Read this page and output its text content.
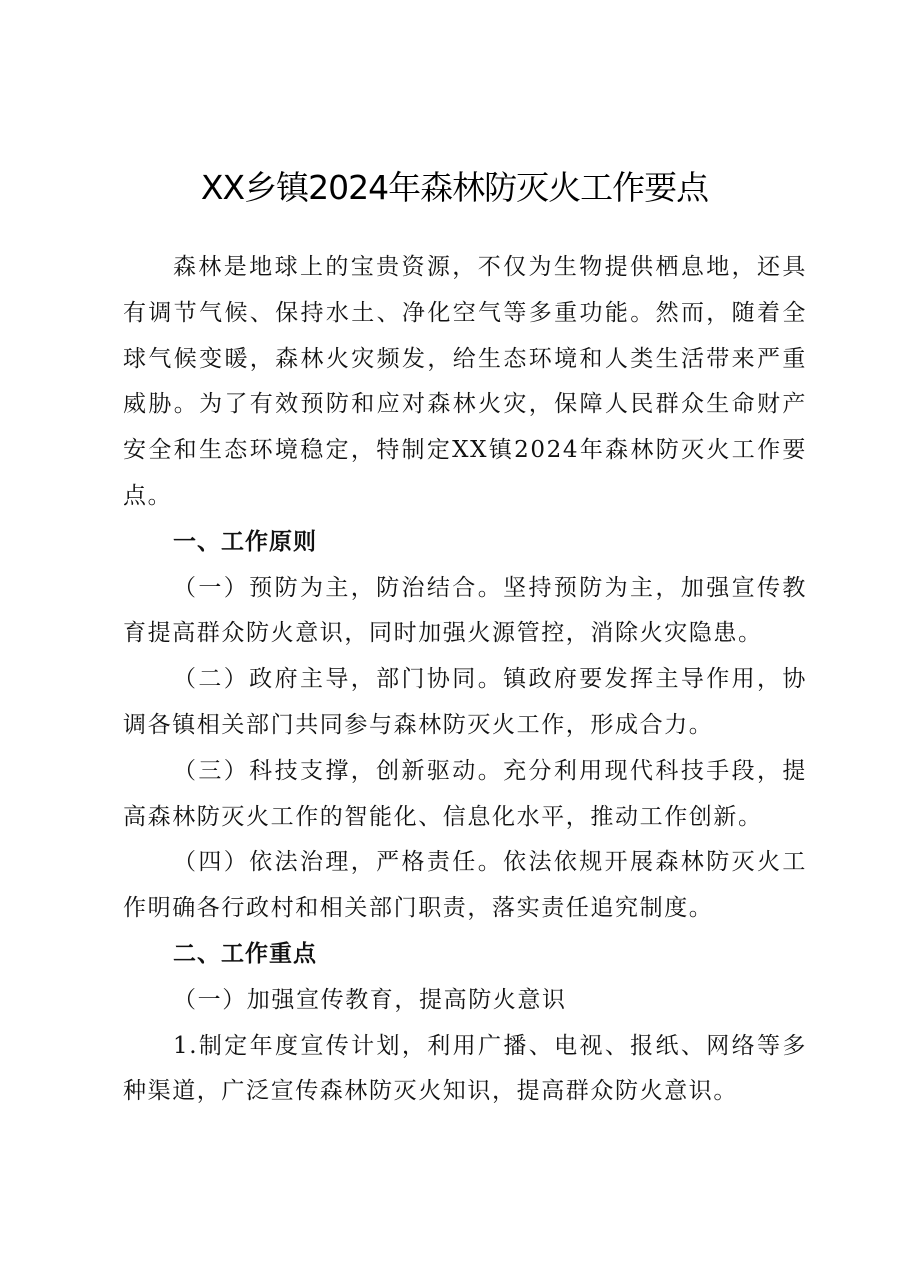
XX乡镇2024年森林防灭火工作要点

森林是地球上的宝贵资源，不仅为生物提供栖息地，还具有调节气候、保持水土、净化空气等多重功能。然而，随着全球气候变暖，森林火灾频发，给生态环境和人类生活带来严重威胁。为了有效预防和应对森林火灾，保障人民群众生命财产安全和生态环境稳定，特制定XX镇2024年森林防灭火工作要点。

一、工作原则

（一）预防为主，防治结合。坚持预防为主，加强宣传教育提高群众防火意识，同时加强火源管控，消除火灾隐患。

（二）政府主导，部门协同。镇政府要发挥主导作用，协调各镇相关部门共同参与森林防灭火工作，形成合力。

（三）科技支撑，创新驱动。充分利用现代科技手段，提高森林防灭火工作的智能化、信息化水平，推动工作创新。

（四）依法治理，严格责任。依法依规开展森林防灭火工作明确各行政村和相关部门职责，落实责任追究制度。

二、工作重点

（一）加强宣传教育，提高防火意识

1.制定年度宣传计划，利用广播、电视、报纸、网络等多种渠道，广泛宣传森林防灭火知识，提高群众防火意识。
